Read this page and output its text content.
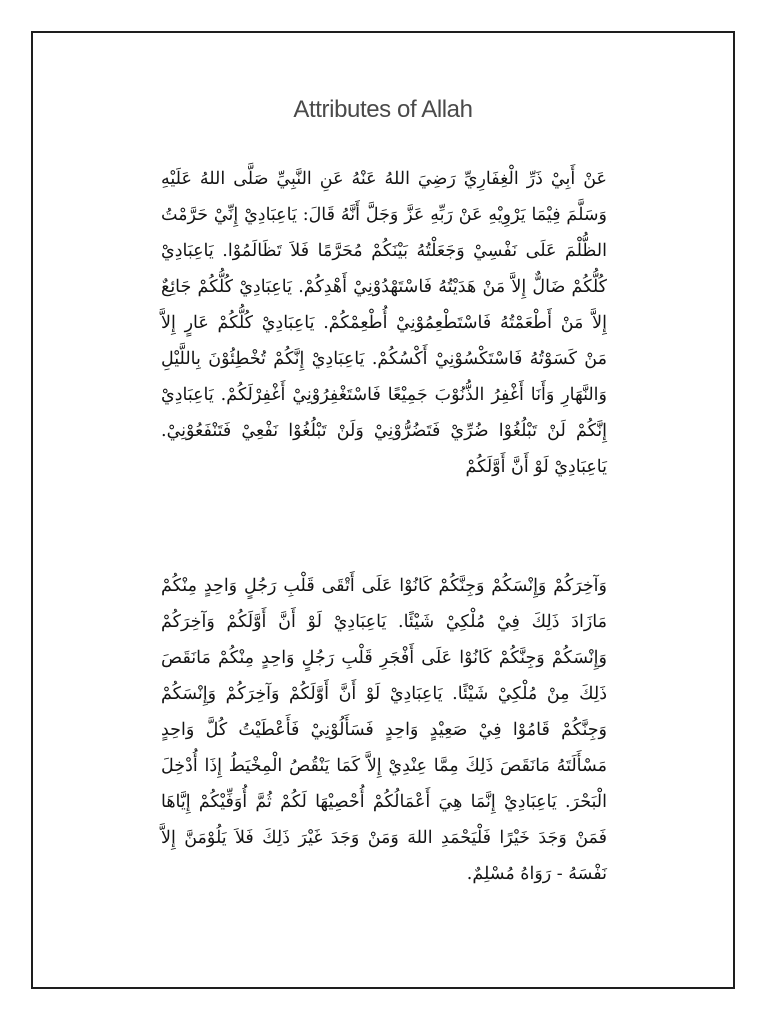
Attributes of Allah

عَنْ أَبِيْ ذَرِّ الْغِفَارِيِّ رَضِيَ اللهُ عَنْهُ عَنِ النَّبِيِّ صَلَّى اللهُ عَلَيْهِ وَسَلَّمَ فِيْمَا يَرْوِيْهِ عَنْ رَبِّهِ عَزَّ وَجَلَّ أَنَّهُ قَالَ: يَاعِبَادِيْ إِنِّيْ حَرَّمْتُ الظُّلْمَ عَلَى نَفْسِيْ وَجَعَلْتُهُ بَيْنَكُمْ مُحَرَّمًا فَلاَ تَظَالَمُوْا. يَاعِبَادِيْ كُلُّكُمْ ضَالٌّ إِلاَّ مَنْ هَدَيْتُهُ فَاسْتَهْدُوْنِيْ أَهْدِكُمْ. يَاعِبَادِيْ كُلُّكُمْ جَائِعٌ إِلاَّ مَنْ أَطْعَمْتُهُ فَاسْتَطْعِمُوْنِيْ أُطْعِمْكُمْ. يَاعِبَادِيْ كُلُّكُمْ عَارٍ إِلاَّ مَنْ كَسَوْتُهُ فَاسْتَكْسُوْنِيْ أَكْسُكُمْ. يَاعِبَادِيْ إِنَّكُمْ تُخْطِئُوْنَ بِاللَّيْلِ وَالنَّهَارِ وَأَنَا أَغْفِرُ الذُّنُوْبَ جَمِيْعًا فَاسْتَغْفِرُوْنِيْ أَغْفِرْلَكُمْ. يَاعِبَادِيْ إِنَّكُمْ لَنْ تَبْلُغُوْا ضُرِّيْ فَتَضُرُّوْنِيْ وَلَنْ تَبْلُغُوْا نَفْعِيْ فَتَنْفَعُوْنِيْ. يَاعِبَادِيْ لَوْ أَنَّ أَوَّلَكُمْ

وَآخِرَكُمْ وَإِنْسَكُمْ وَجِنَّكُمْ كَانُوْا عَلَى أَتْقَى قَلْبِ رَجُلٍ وَاحِدٍ مِنْكُمْ مَازَادَ ذَلِكَ فِيْ مُلْكِيْ شَيْئًا. يَاعِبَادِيْ لَوْ أَنَّ أَوَّلَكُمْ وَآخِرَكُمْ وَإِنْسَكُمْ وَجِنَّكُمْ كَانُوْا عَلَى أَفْجَرِ قَلْبِ رَجُلٍ وَاحِدٍ مِنْكُمْ مَانَقَصَ ذَلِكَ مِنْ مُلْكِيْ شَيْئًا. يَاعِبَادِيْ لَوْ أَنَّ أَوَّلَكُمْ وَآخِرَكُمْ وَإِنْسَكُمْ وَجِنَّكُمْ قَامُوْا فِيْ صَعِيْدٍ وَاحِدٍ فَسَأَلُوْنِيْ فَأَعْطَيْتُ كُلَّ وَاحِدٍ مَسْأَلَتَهُ مَانَقَصَ ذَلِكَ مِمَّا عِنْدِيْ إِلاَّ كَمَا يَنْقُصُ الْمِخْيَطُ إِذَا أُدْخِلَ الْبَحْرَ. يَاعِبَادِيْ إِنَّمَا هِيَ أَعْمَالُكُمْ أُحْصِيْهَا لَكُمْ ثُمَّ أُوَفِّيْكُمْ إِيَّاهَا فَمَنْ وَجَدَ خَيْرًا فَلْيَحْمَدِ اللهَ وَمَنْ وَجَدَ غَيْرَ ذَلِكَ فَلاَ يَلُوْمَنَّ إِلاَّ نَفْسَهُ - رَوَاهُ مُسْلِمٌ.
